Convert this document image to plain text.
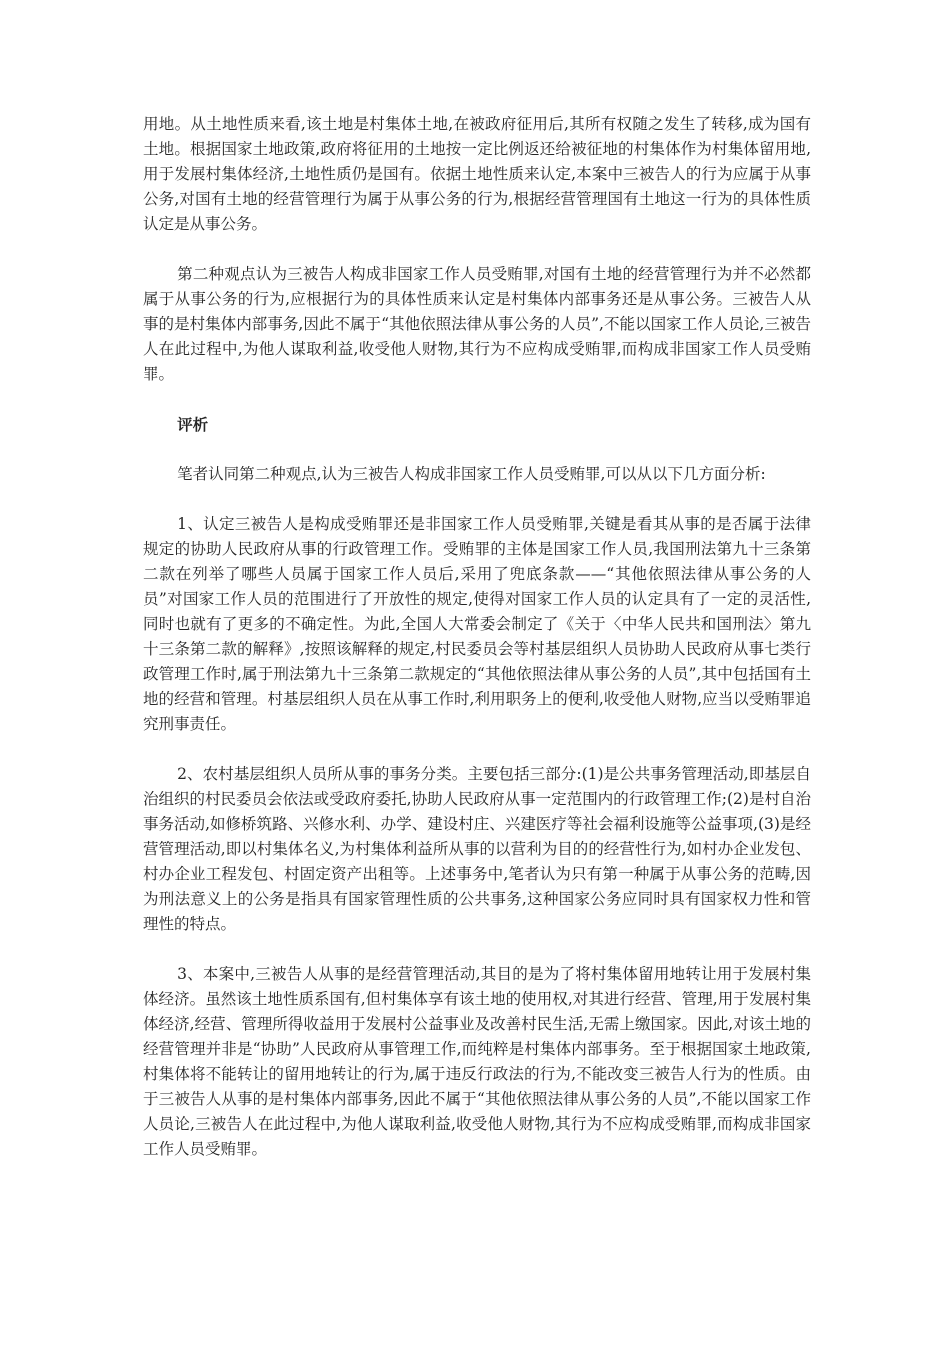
用地。从土地性质来看,该土地是村集体土地,在被政府征用后,其所有权随之发生了转移,成为国有土地。根据国家土地政策,政府将征用的土地按一定比例返还给被征地的村集体作为村集体留用地,用于发展村集体经济,土地性质仍是国有。依据土地性质来认定,本案中三被告人的行为应属于从事公务,对国有土地的经营管理行为属于从事公务的行为,根据经营管理国有土地这一行为的具体性质认定是从事公务。

第二种观点认为三被告人构成非国家工作人员受贿罪,对国有土地的经营管理行为并不必然都属于从事公务的行为,应根据行为的具体性质来认定是村集体内部事务还是从事公务。三被告人从事的是村集体内部事务,因此不属于“其他依照法律从事公务的人员”,不能以国家工作人员论,三被告人在此过程中,为他人谋取利益,收受他人财物,其行为不应构成受贿罪,而构成非国家工作人员受贿罪。

评析

笔者认同第二种观点,认为三被告人构成非国家工作人员受贿罪,可以从以下几方面分析:

1、认定三被告人是构成受贿罪还是非国家工作人员受贿罪,关键是看其从事的是否属于法律规定的协助人民政府从事的行政管理工作。受贿罪的主体是国家工作人员,我国刑法第九十三条第二款在列举了哪些人员属于国家工作人员后,采用了兜底条款——“其他依照法律从事公务的人员”对国家工作人员的范围进行了开放性的规定,使得对国家工作人员的认定具有了一定的灵活性,同时也就有了更多的不确定性。为此,全国人大常委会制定了《关于〈中华人民共和国刑法〉第九十三条第二款的解释》,按照该解释的规定,村民委员会等村基层组织人员协助人民政府从事七类行政管理工作时,属于刑法第九十三条第二款规定的“其他依照法律从事公务的人员”,其中包括国有土地的经营和管理。村基层组织人员在从事工作时,利用职务上的便利,收受他人财物,应当以受贿罪追究刑事责任。

2、农村基层组织人员所从事的事务分类。主要包括三部分:(1)是公共事务管理活动,即基层自治组织的村民委员会依法或受政府委托,协助人民政府从事一定范围内的行政管理工作;(2)是村自治事务活动,如修桥筑路、兴修水利、办学、建设村庄、兴建医疗等社会福利设施等公益事项,(3)是经营管理活动,即以村集体名义,为村集体利益所从事的以营利为目的的经营性行为,如村办企业发包、村办企业工程发包、村固定资产出租等。上述事务中,笔者认为只有第一种属于从事公务的范畴,因为刑法意义上的公务是指具有国家管理性质的公共事务,这种国家公务应同时具有国家权力性和管理性的特点。

3、本案中,三被告人从事的是经营管理活动,其目的是为了将村集体留用地转让用于发展村集体经济。虽然该土地性质系国有,但村集体享有该土地的使用权,对其进行经营、管理,用于发展村集体经济,经营、管理所得收益用于发展村公益事业及改善村民生活,无需上缴国家。因此,对该土地的经营管理并非是“协助”人民政府从事管理工作,而纯粹是村集体内部事务。至于根据国家土地政策,村集体将不能转让的留用地转让的行为,属于违反行政法的行为,不能改变三被告人行为的性质。由于三被告人从事的是村集体内部事务,因此不属于“其他依照法律从事公务的人员”,不能以国家工作人员论,三被告人在此过程中,为他人谋取利益,收受他人财物,其行为不应构成受贿罪,而构成非国家工作人员受贿罪。
